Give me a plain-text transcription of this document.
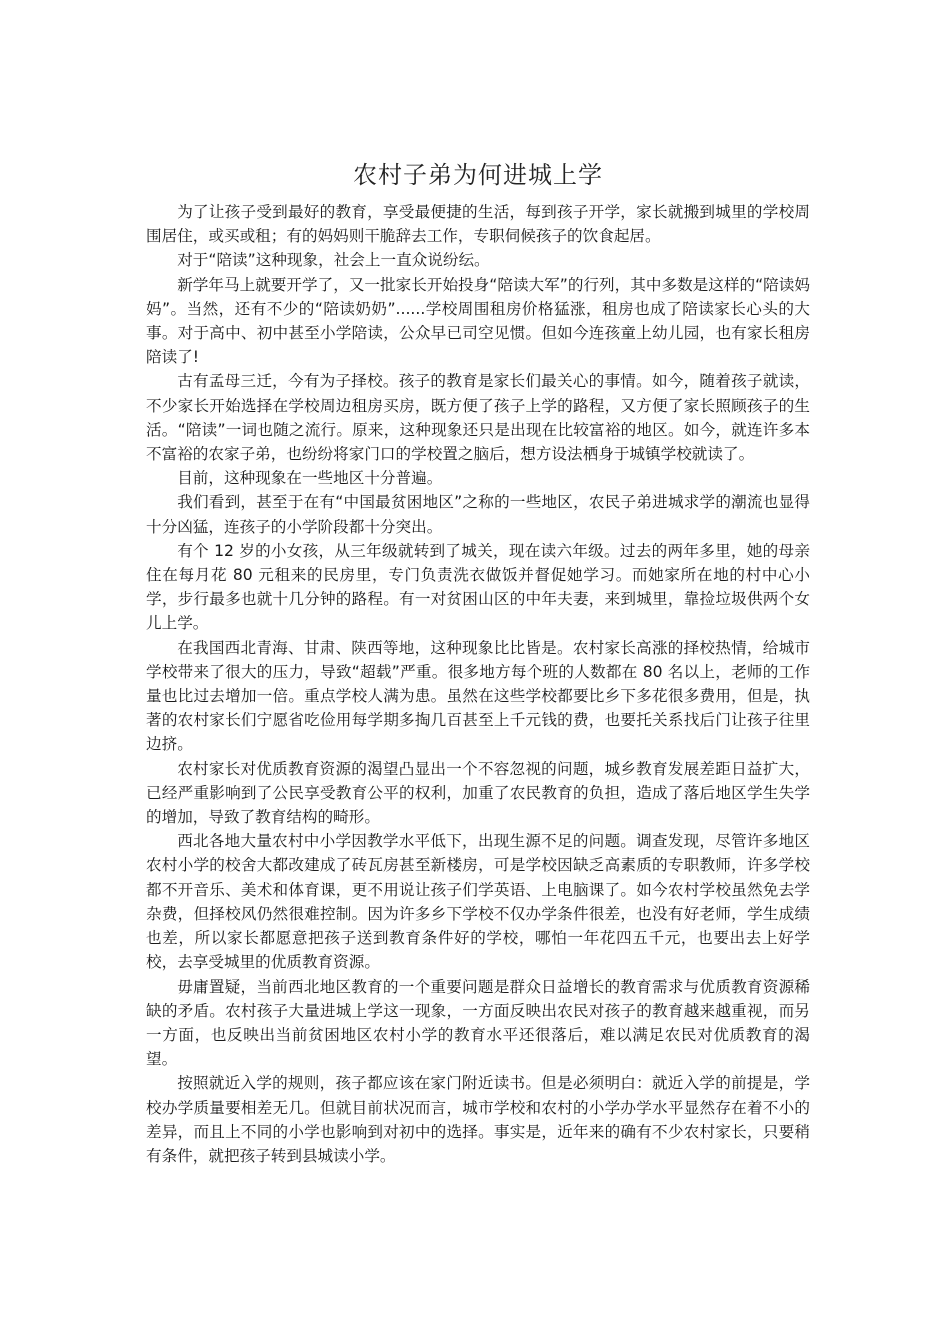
农村子弟为何进城上学

为了让孩子受到最好的教育，享受最便捷的生活，每到孩子开学，家长就搬到城里的学校周围居住，或买或租；有的妈妈则干脆辞去工作，专职伺候孩子的饮食起居。

对于“陪读”这种现象，社会上一直众说纷纭。

新学年马上就要开学了，又一批家长开始投身“陪读大军”的行列，其中多数是这样的“陪读妈妈”。当然，还有不少的“陪读奶奶”......学校周围租房价格猛涨，租房也成了陪读家长心头的大事。对于高中、初中甚至小学陪读，公众早已司空见惯。但如今连孩童上幼儿园，也有家长租房陪读了!

古有孟母三迁，今有为子择校。孩子的教育是家长们最关心的事情。如今，随着孩子就读，不少家长开始选择在学校周边租房买房，既方便了孩子上学的路程，又方便了家长照顾孩子的生活。“陪读”一词也随之流行。原来，这种现象还只是出现在比较富裕的地区。如今，就连许多本不富裕的农家子弟，也纷纷将家门口的学校置之脑后，想方设法栖身于城镇学校就读了。

目前，这种现象在一些地区十分普遍。

我们看到，甚至于在有“中国最贫困地区”之称的一些地区，农民子弟进城求学的潮流也显得十分凶猛，连孩子的小学阶段都十分突出。

有个 12 岁的小女孩，从三年级就转到了城关，现在读六年级。过去的两年多里，她的母亲住在每月花 80 元租来的民房里，专门负责洗衣做饭并督促她学习。而她家所在地的村中心小学，步行最多也就十几分钟的路程。有一对贫困山区的中年夫妻，来到城里，靠捡垃圾供两个女儿上学。

在我国西北青海、甘肃、陕西等地，这种现象比比皆是。农村家长高涨的择校热情，给城市学校带来了很大的压力，导致“超载”严重。很多地方每个班的人数都在 80 名以上，老师的工作量也比过去增加一倍。重点学校人满为患。虽然在这些学校都要比乡下多花很多费用，但是，执著的农村家长们宁愿省吃俭用每学期多掏几百甚至上千元钱的费，也要托关系找后门让孩子往里边挤。

农村家长对优质教育资源的渴望凸显出一个不容忽视的问题，城乡教育发展差距日益扩大，已经严重影响到了公民享受教育公平的权利，加重了农民教育的负担，造成了落后地区学生失学的增加，导致了教育结构的畸形。

西北各地大量农村中小学因教学水平低下，出现生源不足的问题。调查发现，尽管许多地区农村小学的校舍大都改建成了砖瓦房甚至新楼房，可是学校因缺乏高素质的专职教师，许多学校都不开音乐、美术和体育课，更不用说让孩子们学英语、上电脑课了。如今农村学校虽然免去学杂费，但择校风仍然很难控制。因为许多乡下学校不仅办学条件很差，也没有好老师，学生成绩也差，所以家长都愿意把孩子送到教育条件好的学校，哪怕一年花四五千元，也要出去上好学校，去享受城里的优质教育资源。

毋庸置疑，当前西北地区教育的一个重要问题是群众日益增长的教育需求与优质教育资源稀缺的矛盾。农村孩子大量进城上学这一现象，一方面反映出农民对孩子的教育越来越重视，而另一方面，也反映出当前贫困地区农村小学的教育水平还很落后，难以满足农民对优质教育的渴望。

按照就近入学的规则，孩子都应该在家门附近读书。但是必须明白：就近入学的前提是，学校办学质量要相差无几。但就目前状况而言，城市学校和农村的小学办学水平显然存在着不小的差异，而且上不同的小学也影响到对初中的选择。事实是，近年来的确有不少农村家长，只要稍有条件，就把孩子转到县城读小学。
